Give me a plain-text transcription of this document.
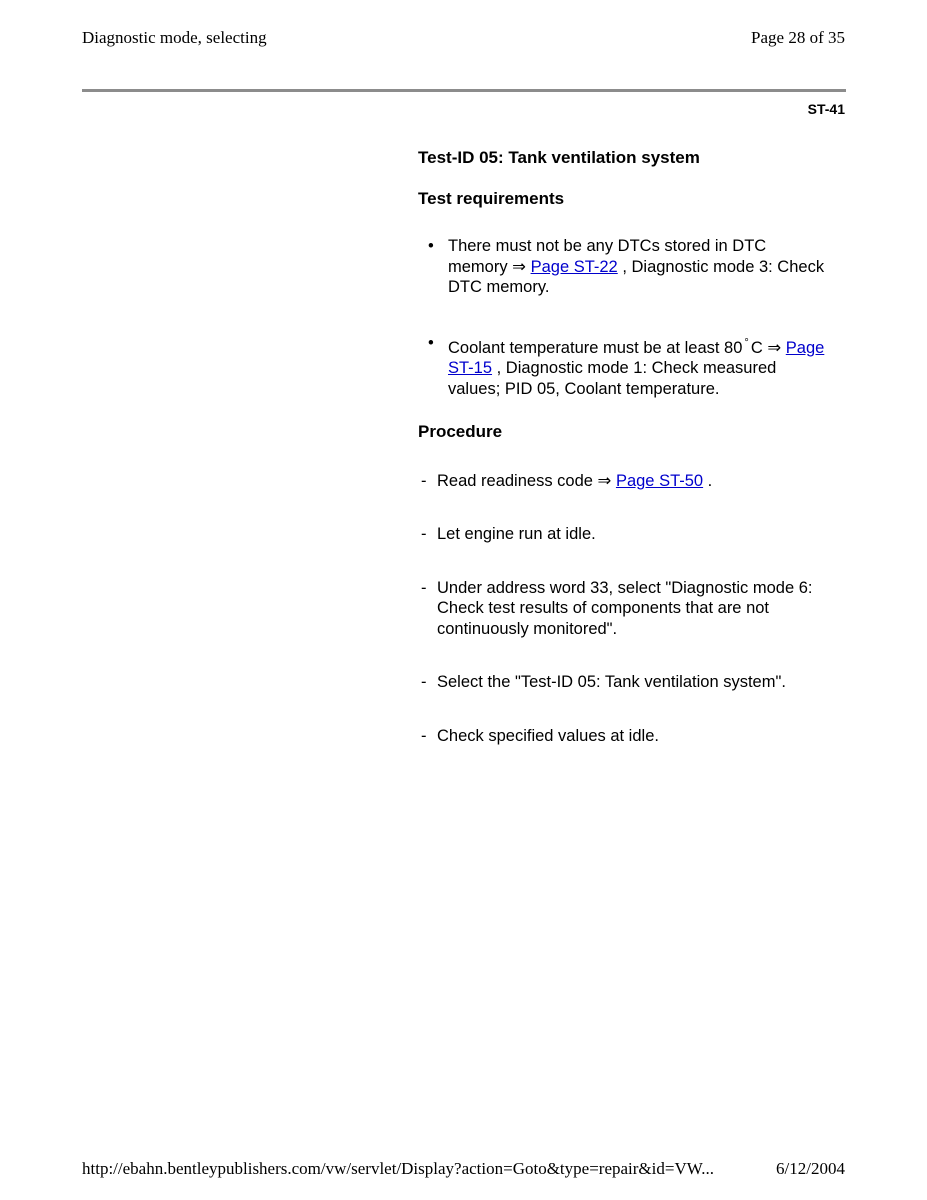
Diagnostic mode, selecting	Page 28 of 35
ST-41

Test-ID 05: Tank ventilation system

Test requirements

• There must not be any DTCs stored in DTC memory ⇒ Page ST-22 , Diagnostic mode 3: Check DTC memory.
• Coolant temperature must be at least 80 ° C ⇒ Page ST-15 , Diagnostic mode 1: Check measured values; PID 05, Coolant temperature.

Procedure

- Read readiness code ⇒ Page ST-50 .
- Let engine run at idle.
- Under address word 33, select "Diagnostic mode 6: Check test results of components that are not continuously monitored".
- Select the "Test-ID 05: Tank ventilation system".
- Check specified values at idle.
http://ebahn.bentleypublishers.com/vw/servlet/Display?action=Goto&type=repair&id=VW...	6/12/2004
